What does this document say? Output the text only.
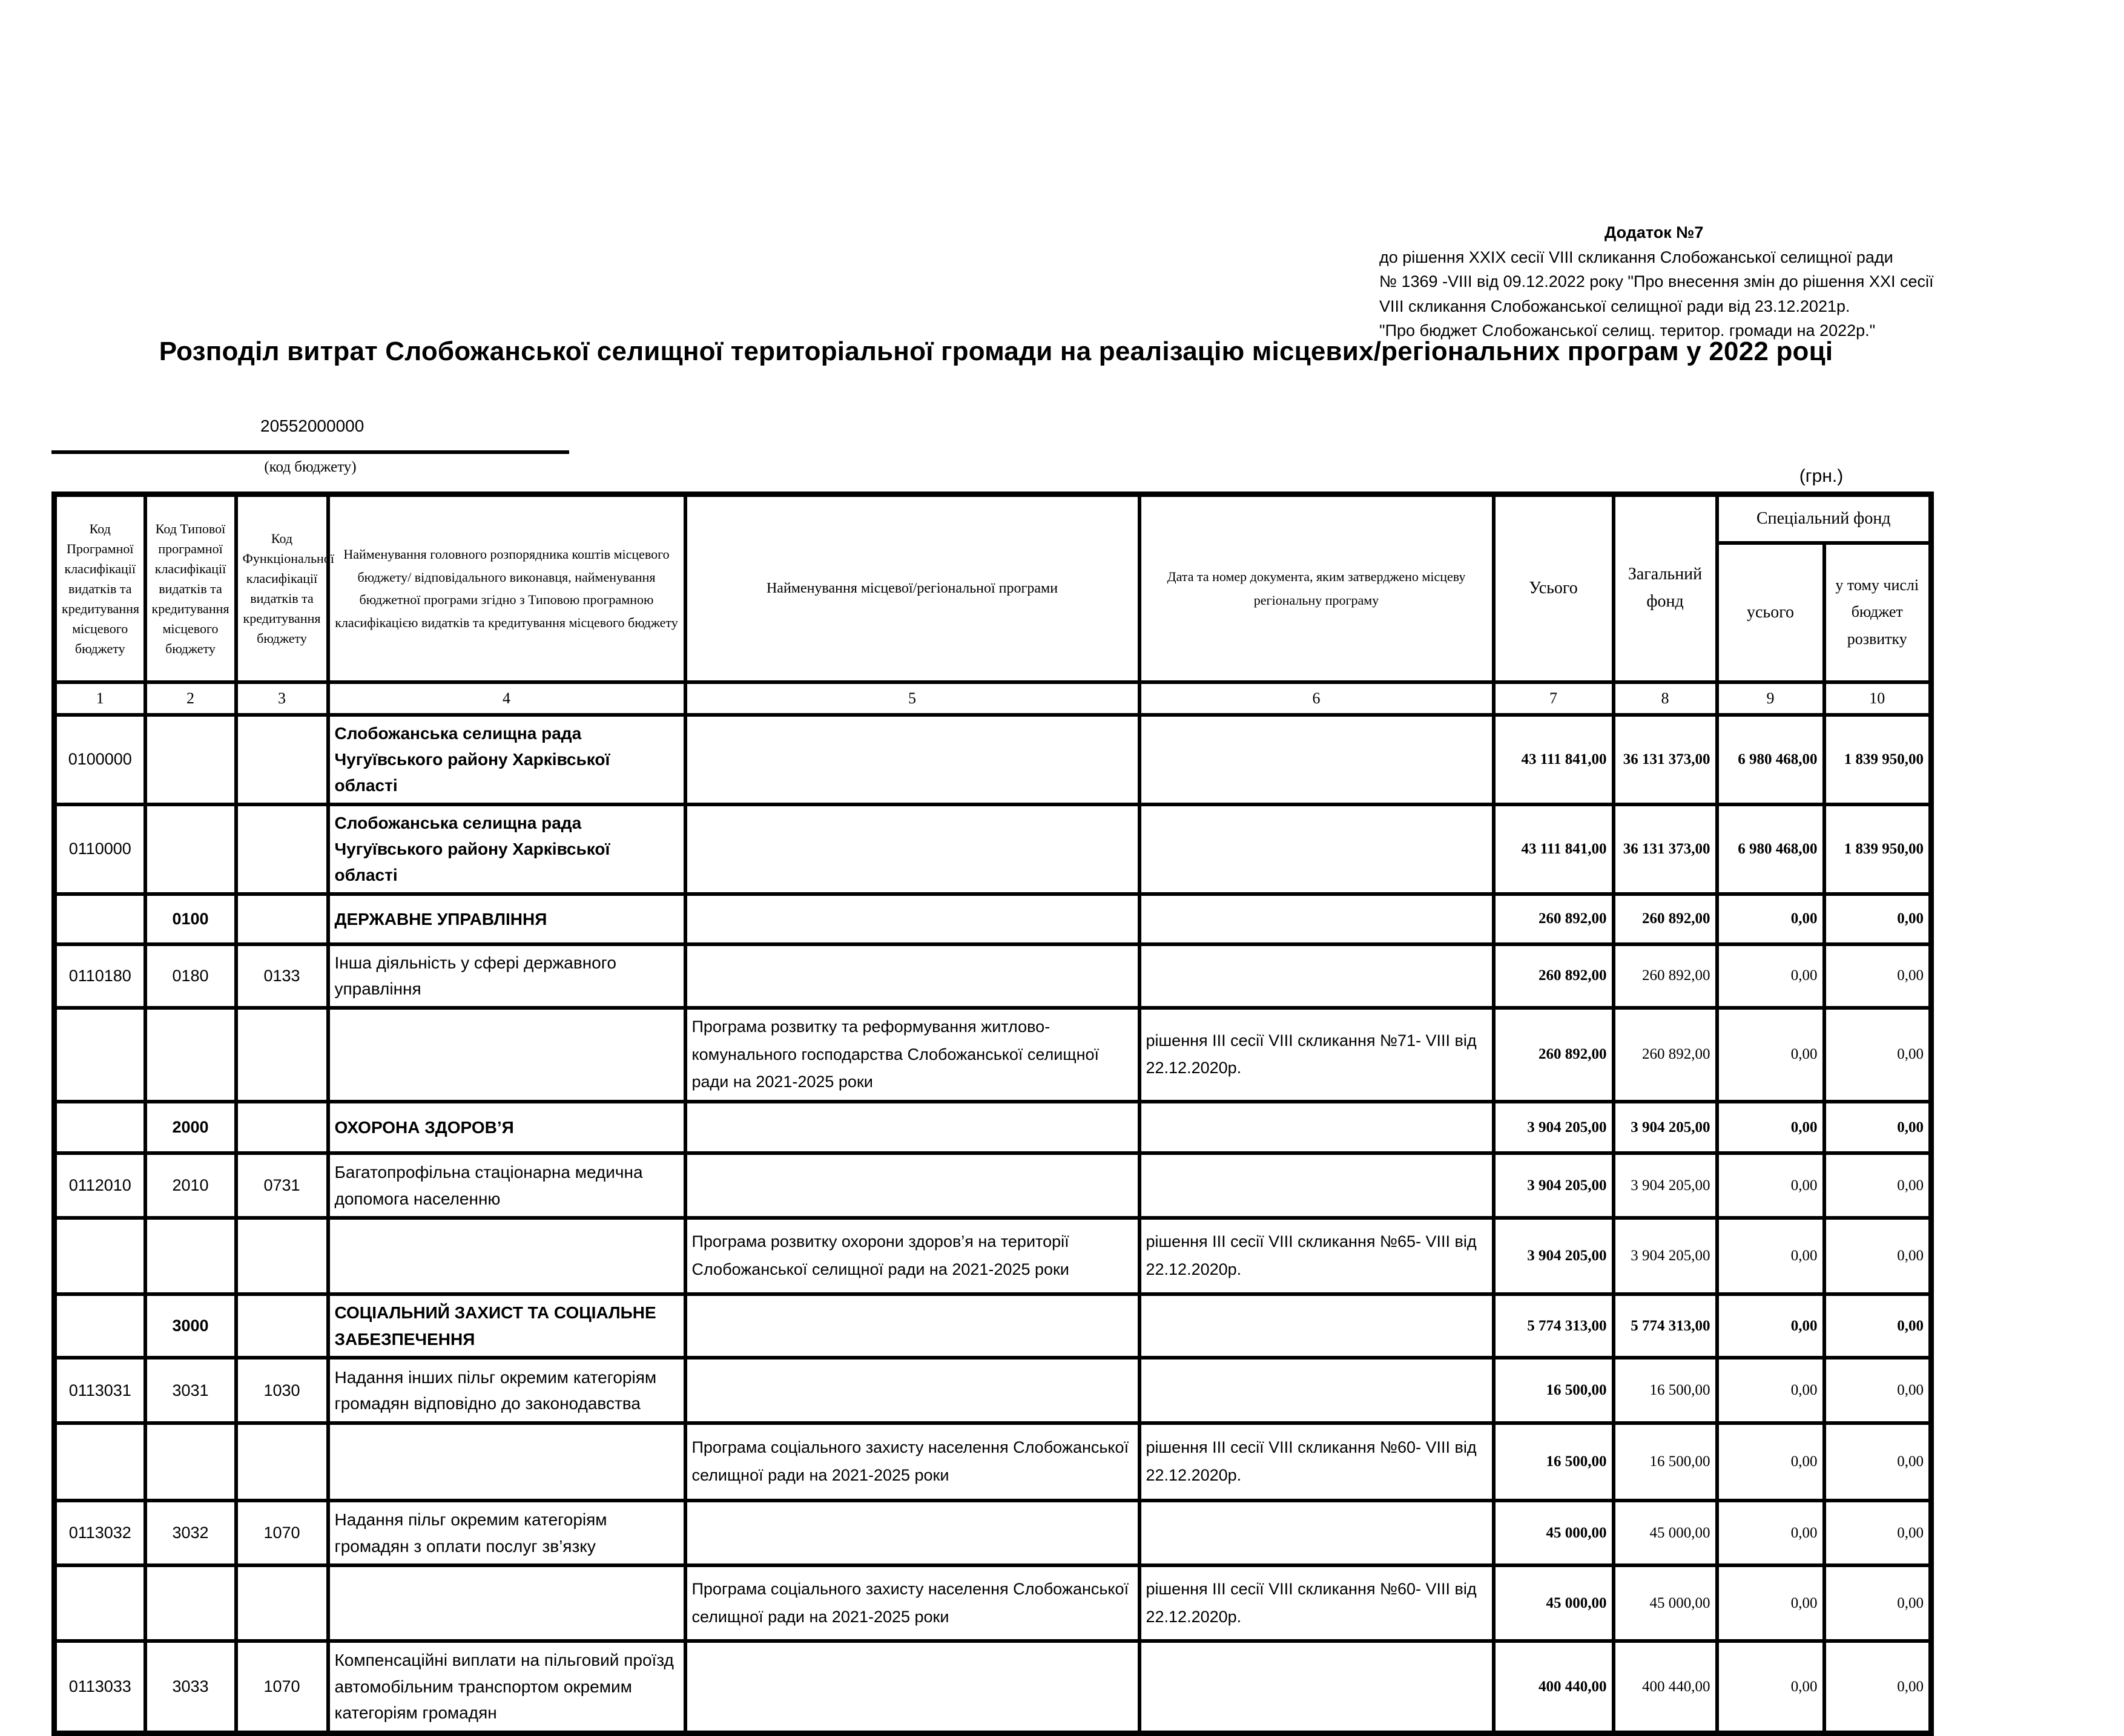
Додаток №7
до рішення XXIX сесії VIII скликання Слобожанської селищної ради
№ 1369 -VIII від 09.12.2022 року "Про внесення змін до рішення XXI сесії
VIII скликання Слобожанської селищної ради від 23.12.2021р.
"Про бюджет Слобожанської селищ. територ. громади на 2022р."
Розподіл витрат Слобожанської селищної територіальної громади на реалізацію місцевих/регіональних програм у 2022 році
20552000000
(код бюджету)	(грн.)
Код Програмної класифікації видатків та кредитування місцевого бюджету	Код Типової програмної класифікації видатків та кредитування місцевого бюджету	Код Функціональної класифікації видатків та кредитування бюджету	Найменування головного розпорядника коштів місцевого бюджету/ відповідального виконавця, найменування бюджетної програми згідно з Типовою програмною класифікацією видатків та кредитування місцевого бюджету	Найменування місцевої/регіональної програми	Дата та номер документа, яким затверджено місцеву регіональну програму	Усього	Загальний фонд	Спеціальний фонд	
								усього	у тому числі бюджет розвитку
1	2	3	4	5	6	7	8	9	10
0100000			Слобожанська селищна рада Чугуївського району Харківської області			43 111 841,00	36 131 373,00	6 980 468,00	1 839 950,00
0110000			Слобожанська селищна рада Чугуївського району Харківської області			43 111 841,00	36 131 373,00	6 980 468,00	1 839 950,00
	0100		ДЕРЖАВНЕ УПРАВЛІННЯ			260 892,00	260 892,00	0,00	0,00
0110180	0180	0133	Інша діяльність у сфері державного управління			260 892,00	260 892,00	0,00	0,00
				Програма розвитку та реформування житлово-комунального господарства Слобожанської селищної ради на 2021-2025 роки	рішення III сесії VIII скликання №71- VIII від 22.12.2020р.	260 892,00	260 892,00	0,00	0,00
	2000		ОХОРОНА ЗДОРОВ’Я			3 904 205,00	3 904 205,00	0,00	0,00
0112010	2010	0731	Багатопрофільна стаціонарна медична допомога населенню			3 904 205,00	3 904 205,00	0,00	0,00
				Програма розвитку охорони здоров’я на території Слобожанської селищної ради на 2021-2025 роки	рішення III сесії VIII скликання №65- VIII від 22.12.2020р.	3 904 205,00	3 904 205,00	0,00	0,00
	3000		СОЦІАЛЬНИЙ ЗАХИСТ ТА СОЦІАЛЬНЕ ЗАБЕЗПЕЧЕННЯ			5 774 313,00	5 774 313,00	0,00	0,00
0113031	3031	1030	Надання інших пільг окремим категоріям громадян відповідно до законодавства			16 500,00	16 500,00	0,00	0,00
				Програма соціального захисту населення Слобожанської селищної ради на 2021-2025 роки	рішення III сесії VIII скликання №60- VIII від 22.12.2020р.	16 500,00	16 500,00	0,00	0,00
0113032	3032	1070	Надання пільг окремим категоріям громадян з оплати послуг зв’язку			45 000,00	45 000,00	0,00	0,00
				Програма соціального захисту населення Слобожанської селищної ради на 2021-2025 роки	рішення III сесії VIII скликання №60- VIII від 22.12.2020р.	45 000,00	45 000,00	0,00	0,00
0113033	3033	1070	Компенсаційні виплати на пільговий проїзд автомобільним транспортом окремим категоріям громадян			400 440,00	400 440,00	0,00	0,00
